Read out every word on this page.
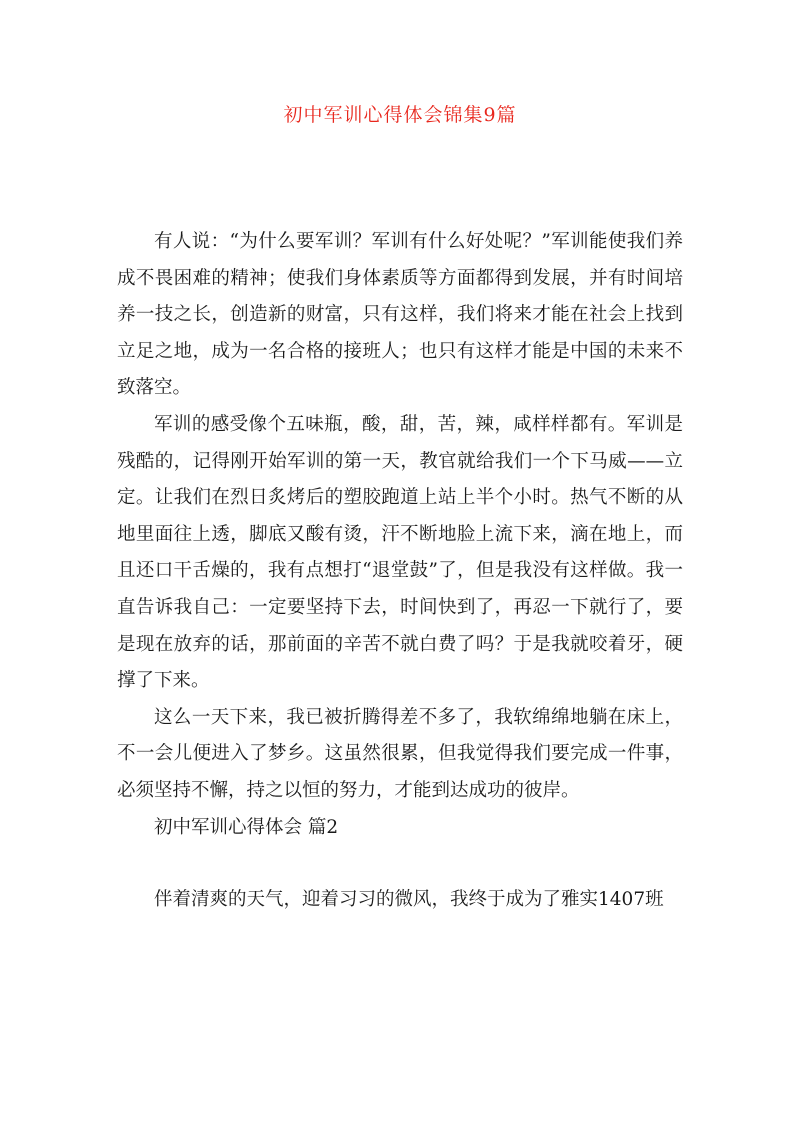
初中军训心得体会锦集9篇

有人说：“为什么要军训？军训有什么好处呢？”军训能使我们养成不畏困难的精神；使我们身体素质等方面都得到发展，并有时间培养一技之长，创造新的财富，只有这样，我们将来才能在社会上找到立足之地，成为一名合格的接班人；也只有这样才能是中国的未来不致落空。

军训的感受像个五味瓶，酸，甜，苦，辣，咸样样都有。军训是残酷的，记得刚开始军训的第一天，教官就给我们一个下马威——立定。让我们在烈日炙烤后的塑胶跑道上站上半个小时。热气不断的从地里面往上透，脚底又酸有烫，汗不断地脸上流下来，滴在地上，而且还口干舌燥的，我有点想打“退堂鼓”了，但是我没有这样做。我一直告诉我自己：一定要坚持下去，时间快到了，再忍一下就行了，要是现在放弃的话，那前面的辛苦不就白费了吗？于是我就咬着牙，硬撑了下来。

这么一天下来，我已被折腾得差不多了，我软绵绵地躺在床上，不一会儿便进入了梦乡。这虽然很累，但我觉得我们要完成一件事，必须坚持不懈，持之以恒的努力，才能到达成功的彼岸。

初中军训心得体会 篇2

伴着清爽的天气，迎着习习的微风，我终于成为了雅实1407班
